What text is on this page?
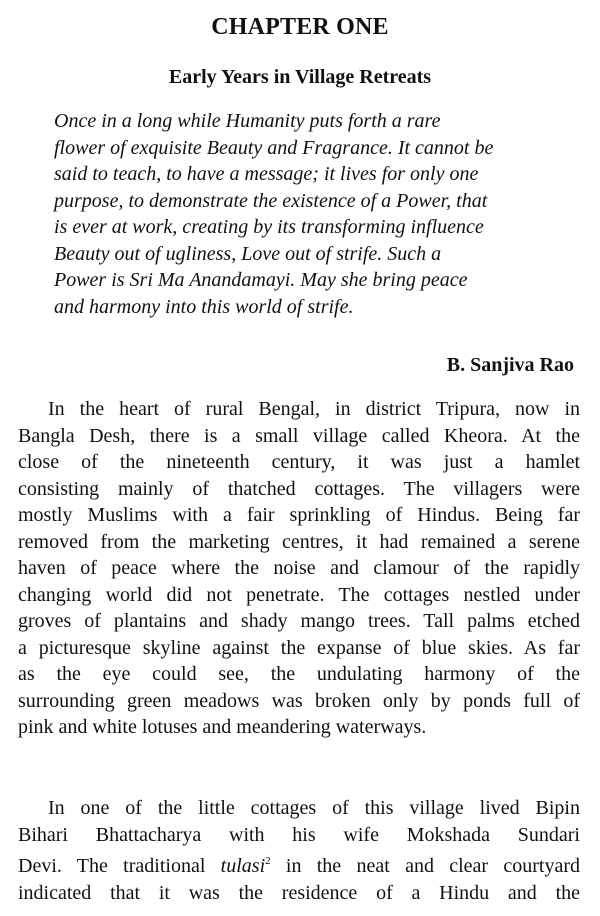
CHAPTER ONE
Early Years in Village Retreats
Once in a long while Humanity puts forth a rare
flower of exquisite Beauty and Fragrance. It cannot be
said to teach, to have a message; it lives for only one
purpose, to demonstrate the existence of a Power, that
is ever at work, creating by its transforming influence
Beauty out of ugliness, Love out of strife. Such a
Power is Sri Ma Anandamayi. May she bring peace
and harmony into this world of strife.
B. Sanjiva Rao
In the heart of rural Bengal, in district Tripura, now in
Bangla Desh, there is a small village called Kheora. At the
close of the nineteenth century, it was just a hamlet
consisting mainly of thatched cottages. The villagers were
mostly Muslims with a fair sprinkling of Hindus. Being far
removed from the marketing centres, it had remained a serene
haven of peace where the noise and clamour of the rapidly
changing world did not penetrate. The cottages nestled under
groves of plantains and shady mango trees. Tall palms etched
a picturesque skyline against the expanse of blue skies. As far
as the eye could see, the undulating harmony of the
surrounding green meadows was broken only by ponds full of
pink and white lotuses and meandering waterways.
In one of the little cottages of this village lived Bipin
Bihari Bhattacharya with his wife Mokshada Sundari
Devi. The traditional tulasi$^2$ in the neat and clear courtyard
indicated that it was the residence of a Hindu and the
